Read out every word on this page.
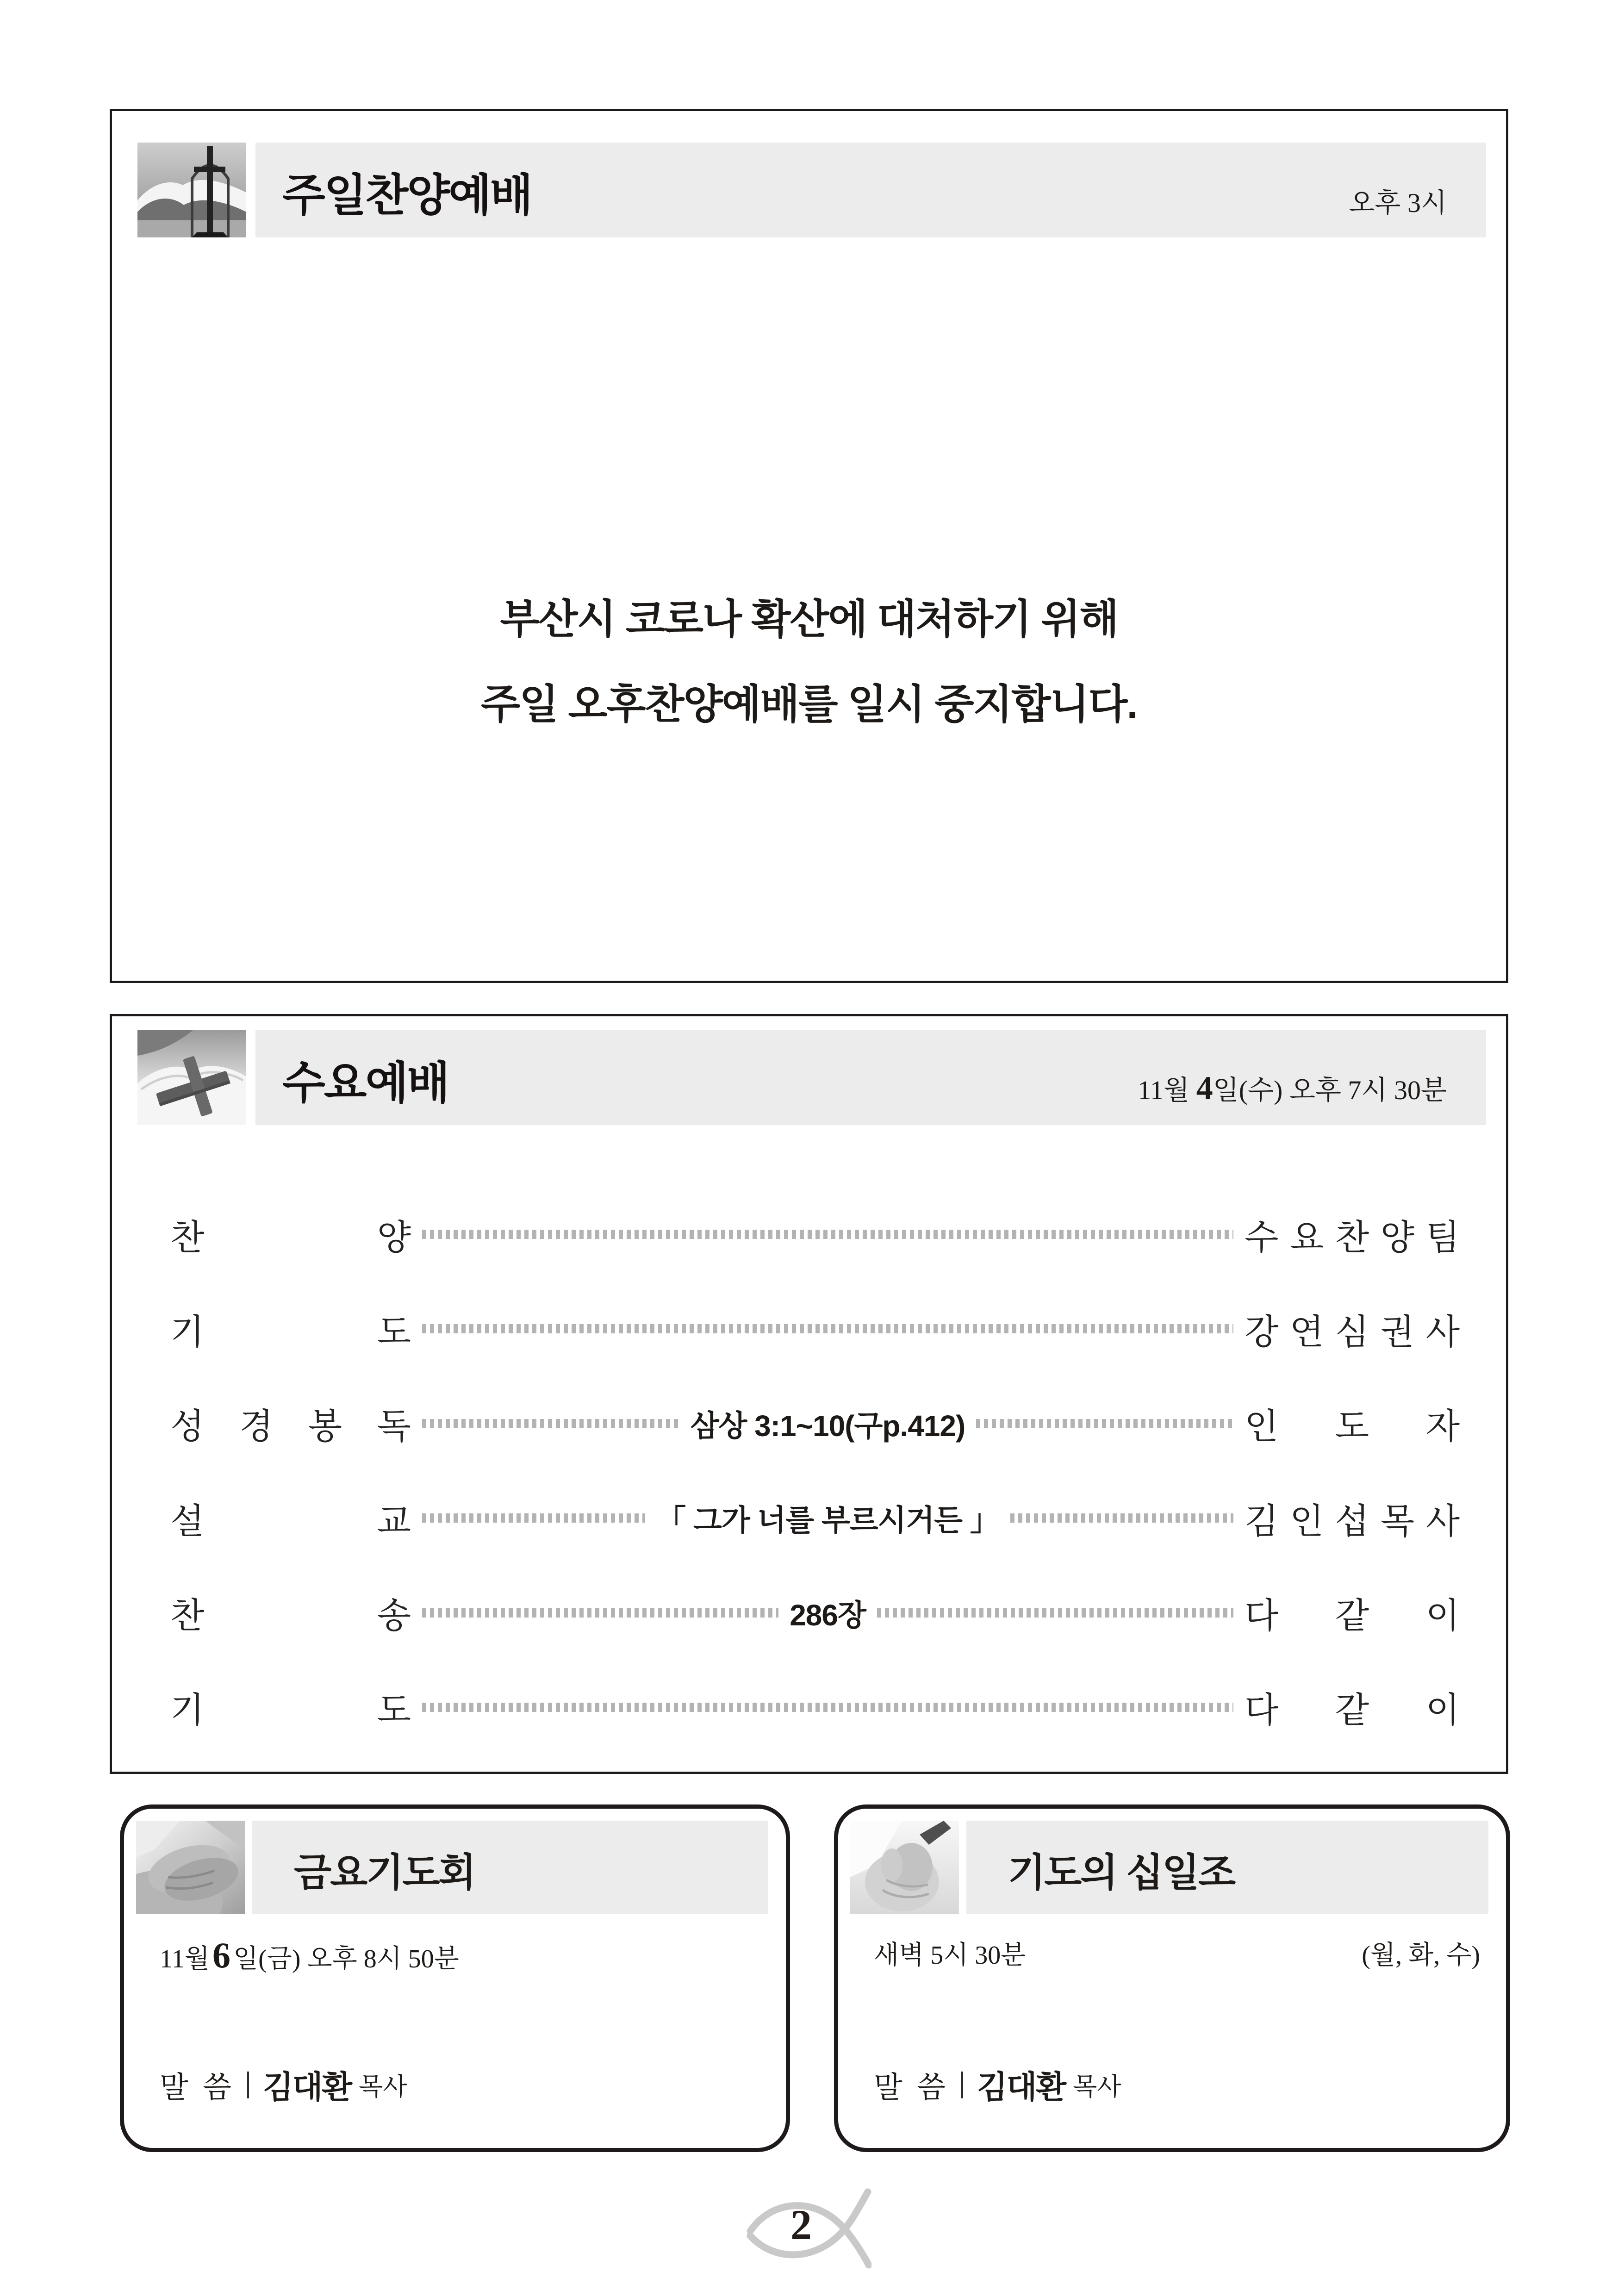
주일찬양예배	오후 3시

부산시 코로나 확산에 대처하기 위해

주일 오후찬양예배를 일시 중지합니다.

수요예배	11월 4일(수) 오후 7시 30분
찬	양	수 요 찬 양 팀
기	도	강 연 심 권 사
성 경 봉 독	삼상 3:1~10(구p.412)	인 도 자
설	교	「 그가 너를 부르시거든 」	김 인 섭 목 사
찬	송	286장	다 같 이
기	도	다 같 이
금요기도회
11월 6 일(금) 오후 8시 50분
말 씀 김대환 목사
기도의 십일조
새벽 5시 30분	(월, 화, 수)
말 씀 김대환 목사
2
